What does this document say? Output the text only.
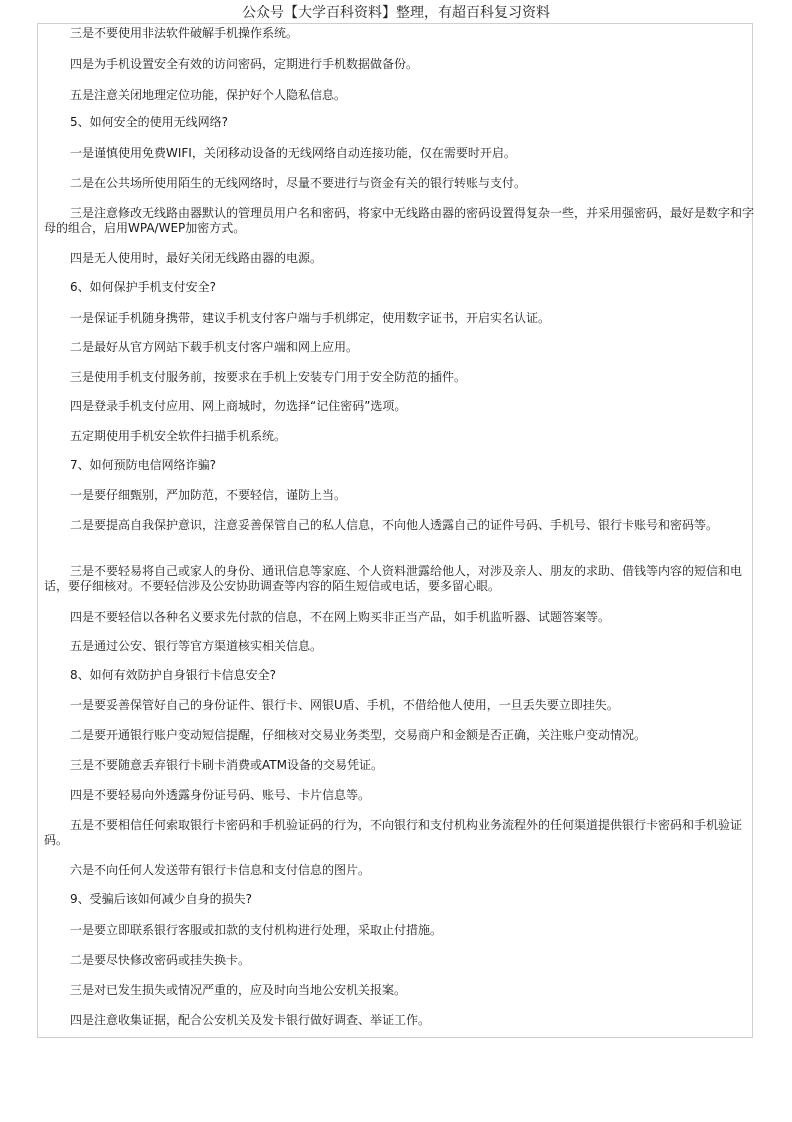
公众号【大学百科资料】整理，有超百科复习资料

三是不要使用非法软件破解手机操作系统。

四是为手机设置安全有效的访问密码，定期进行手机数据做备份。

五是注意关闭地理定位功能，保护好个人隐私信息。

5、如何安全的使用无线网络?

一是谨慎使用免费WIFI，关闭移动设备的无线网络自动连接功能，仅在需要时开启。

二是在公共场所使用陌生的无线网络时，尽量不要进行与资金有关的银行转账与支付。

三是注意修改无线路由器默认的管理员用户名和密码，将家中无线路由器的密码设置得复杂一些，并采用强密码，最好是数字和字母的组合，启用WPA/WEP加密方式。

四是无人使用时，最好关闭无线路由器的电源。

6、如何保护手机支付安全?

一是保证手机随身携带，建议手机支付客户端与手机绑定，使用数字证书，开启实名认证。

二是最好从官方网站下载手机支付客户端和网上应用。

三是使用手机支付服务前，按要求在手机上安装专门用于安全防范的插件。

四是登录手机支付应用、网上商城时，勿选择“记住密码”选项。

五定期使用手机安全软件扫描手机系统。

7、如何预防电信网络诈骗?

一是要仔细甄别，严加防范，不要轻信，谨防上当。

二是要提高自我保护意识，注意妥善保管自己的私人信息，不向他人透露自己的证件号码、手机号、银行卡账号和密码等。

三是不要轻易将自己或家人的身份、通讯信息等家庭、个人资料泄露给他人，对涉及亲人、朋友的求助、借钱等内容的短信和电话，要仔细核对。不要轻信涉及公安协助调查等内容的陌生短信或电话，要多留心眼。

四是不要轻信以各种名义要求先付款的信息，不在网上购买非正当产品，如手机监听器、试题答案等。

五是通过公安、银行等官方渠道核实相关信息。

8、如何有效防护自身银行卡信息安全?

一是要妥善保管好自己的身份证件、银行卡、网银U盾、手机，不借给他人使用，一旦丢失要立即挂失。

二是要开通银行账户变动短信提醒，仔细核对交易业务类型，交易商户和金额是否正确，关注账户变动情况。

三是不要随意丢弃银行卡刷卡消费或ATM设备的交易凭证。

四是不要轻易向外透露身份证号码、账号、卡片信息等。

五是不要相信任何索取银行卡密码和手机验证码的行为，不向银行和支付机构业务流程外的任何渠道提供银行卡密码和手机验证码。

六是不向任何人发送带有银行卡信息和支付信息的图片。

9、受骗后该如何减少自身的损失?

一是要立即联系银行客服或扣款的支付机构进行处理，采取止付措施。

二是要尽快修改密码或挂失换卡。

三是对已发生损失或情况严重的，应及时向当地公安机关报案。

四是注意收集证据，配合公安机关及发卡银行做好调查、举证工作。
